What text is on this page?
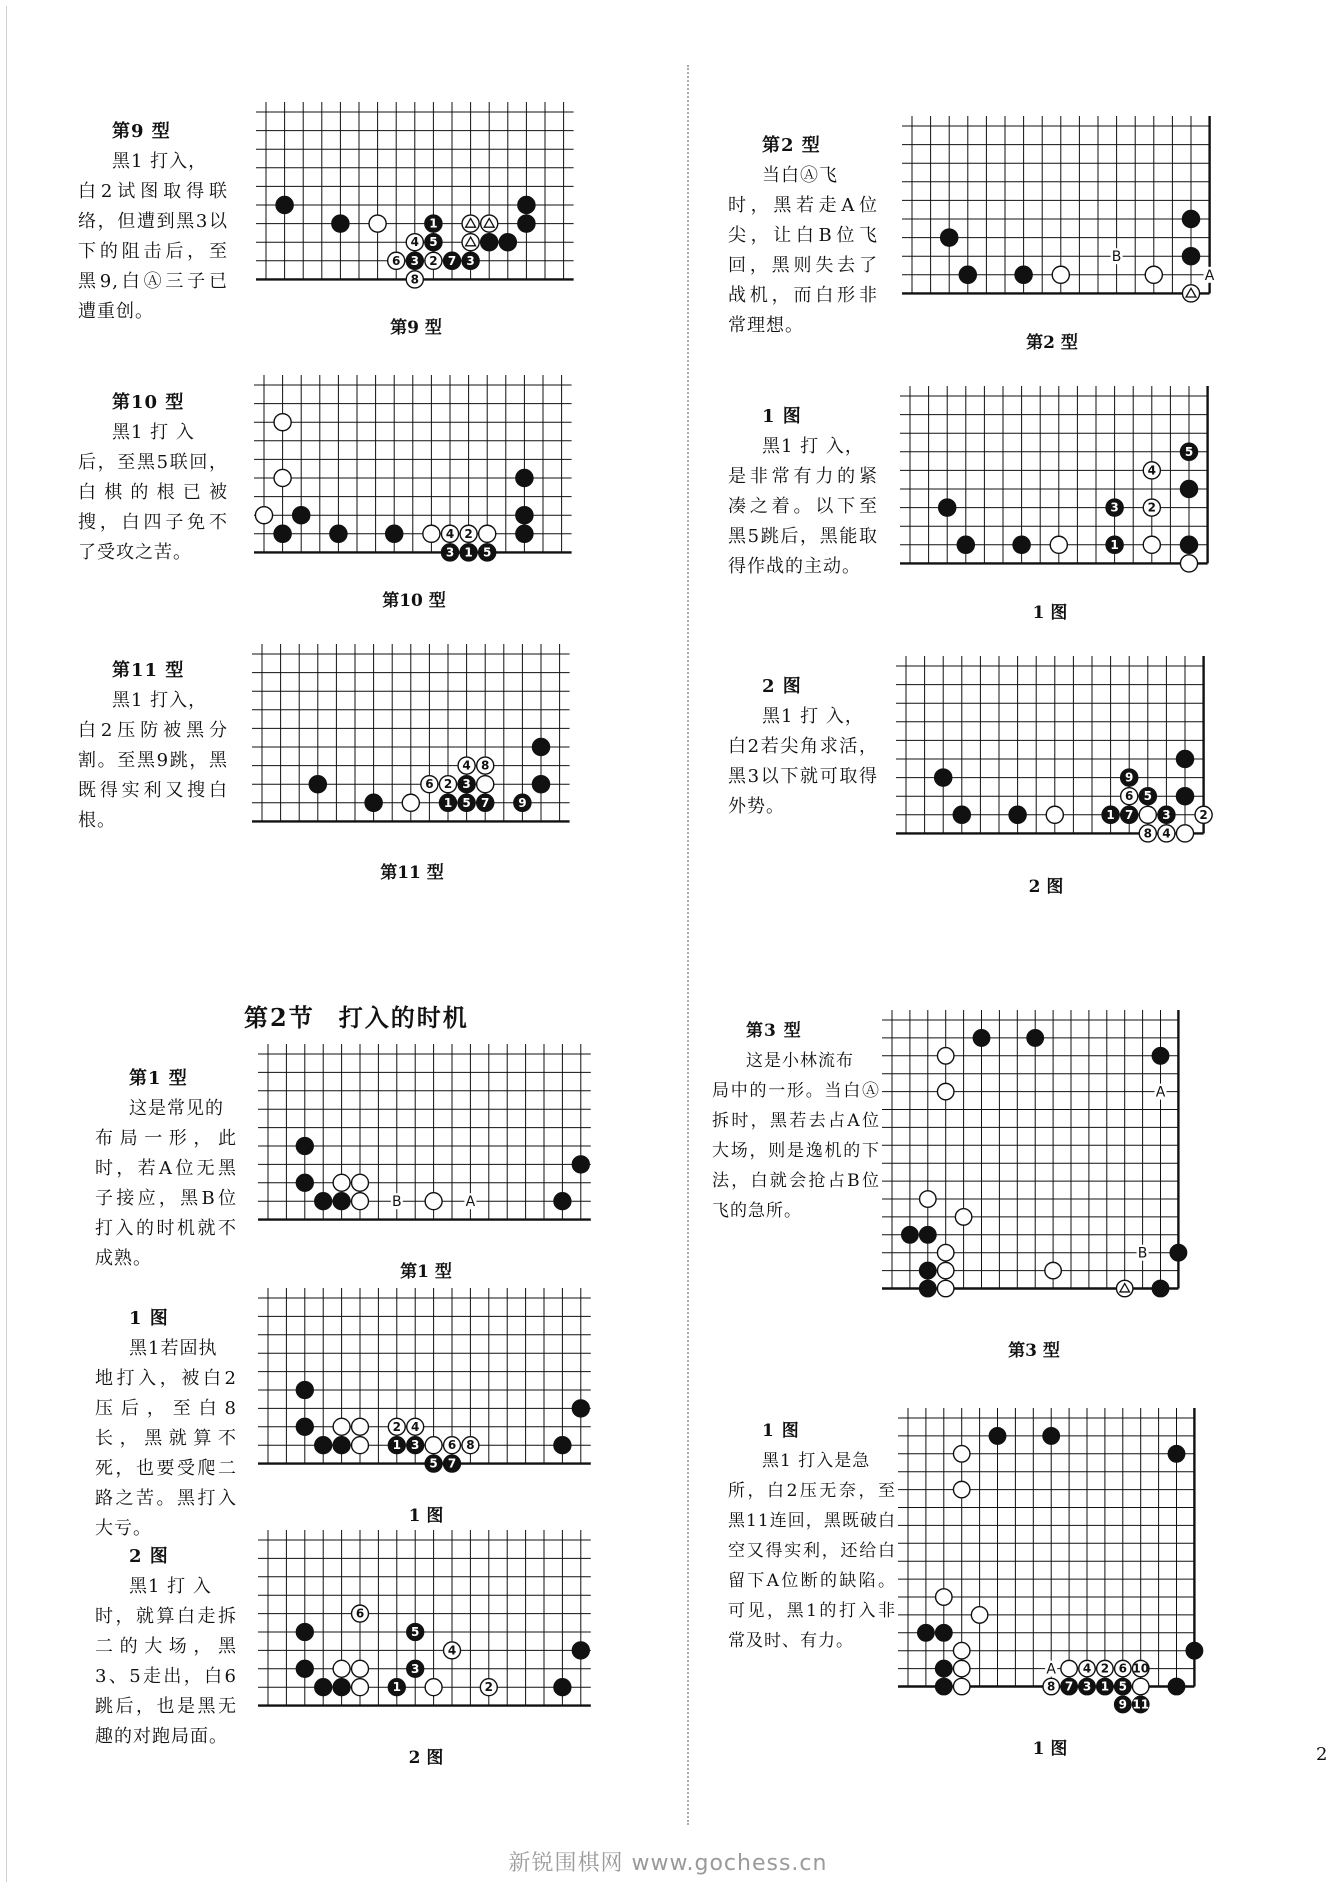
第9 型
黑1 打入，
白2试图取得联络，但遭到黑3以下的阻击后，至黑9,白Ⓐ三子已遭重创。
第10 型
黑1 打 入
后，至黑5联回，白棋的根已被搜，白四子免不了受攻之苦。
第11 型
黑1 打入，
白2压防被黑分割。至黑9跳，黑既得实利又搜白根。
第2节 打入的时机
第1 型
这是常见的
布局一形，此时，若A位无黑子接应，黑B位打入的时机就不成熟。
1 图
黑1若固执
地打入，被白2压后，至白8长，黑就算不死，也要受爬二路之苦。黑打入大亏。
2 图
黑1 打 入
时，就算白走拆二的大场，黑3、5走出，白6跳后，也是黑无趣的对跑局面。
第2 型
当白Ⓐ飞
时，黑若走A位尖，让白B位飞回，黑则失去了战机，而白形非常理想。
1 图
黑1 打 入，
是非常有力的紧凑之着。以下至黑5跳后，黑能取得作战的主动。
2 图
黑1 打 入，
白2若尖角求活，黑3以下就可取得外势。
第3 型
这是小林流布
局中的一形。当白Ⓐ拆时，黑若去占A位大场，则是逸机的下法，白就会抢占B位飞的急所。
1 图
黑1 打入是急
所，白2压无奈，至黑11连回，黑既破白空又得实利，还给白留下A位断的缺陷。可见，黑1的打入非常及时、有力。
第9 型
1
4 5
6 3 2 7 3
8
第10 型
4 2
3 1 5
第11 型
6 2 3
4 8
1 5 7 9
第1 型
B	A
1 图
2 4
1 3 6 8
5 7
2 图
6
5
4
3
1	2
第2 型
B
A
1 图
1
3 2
4
5
2 图
1 7 3 2
9
6 5
8 4
第3 型
A
B
1 图
4 2 6 10
8 7 3 1 5
9 11
A
2
新锐围棋网 www.gochess.cn
